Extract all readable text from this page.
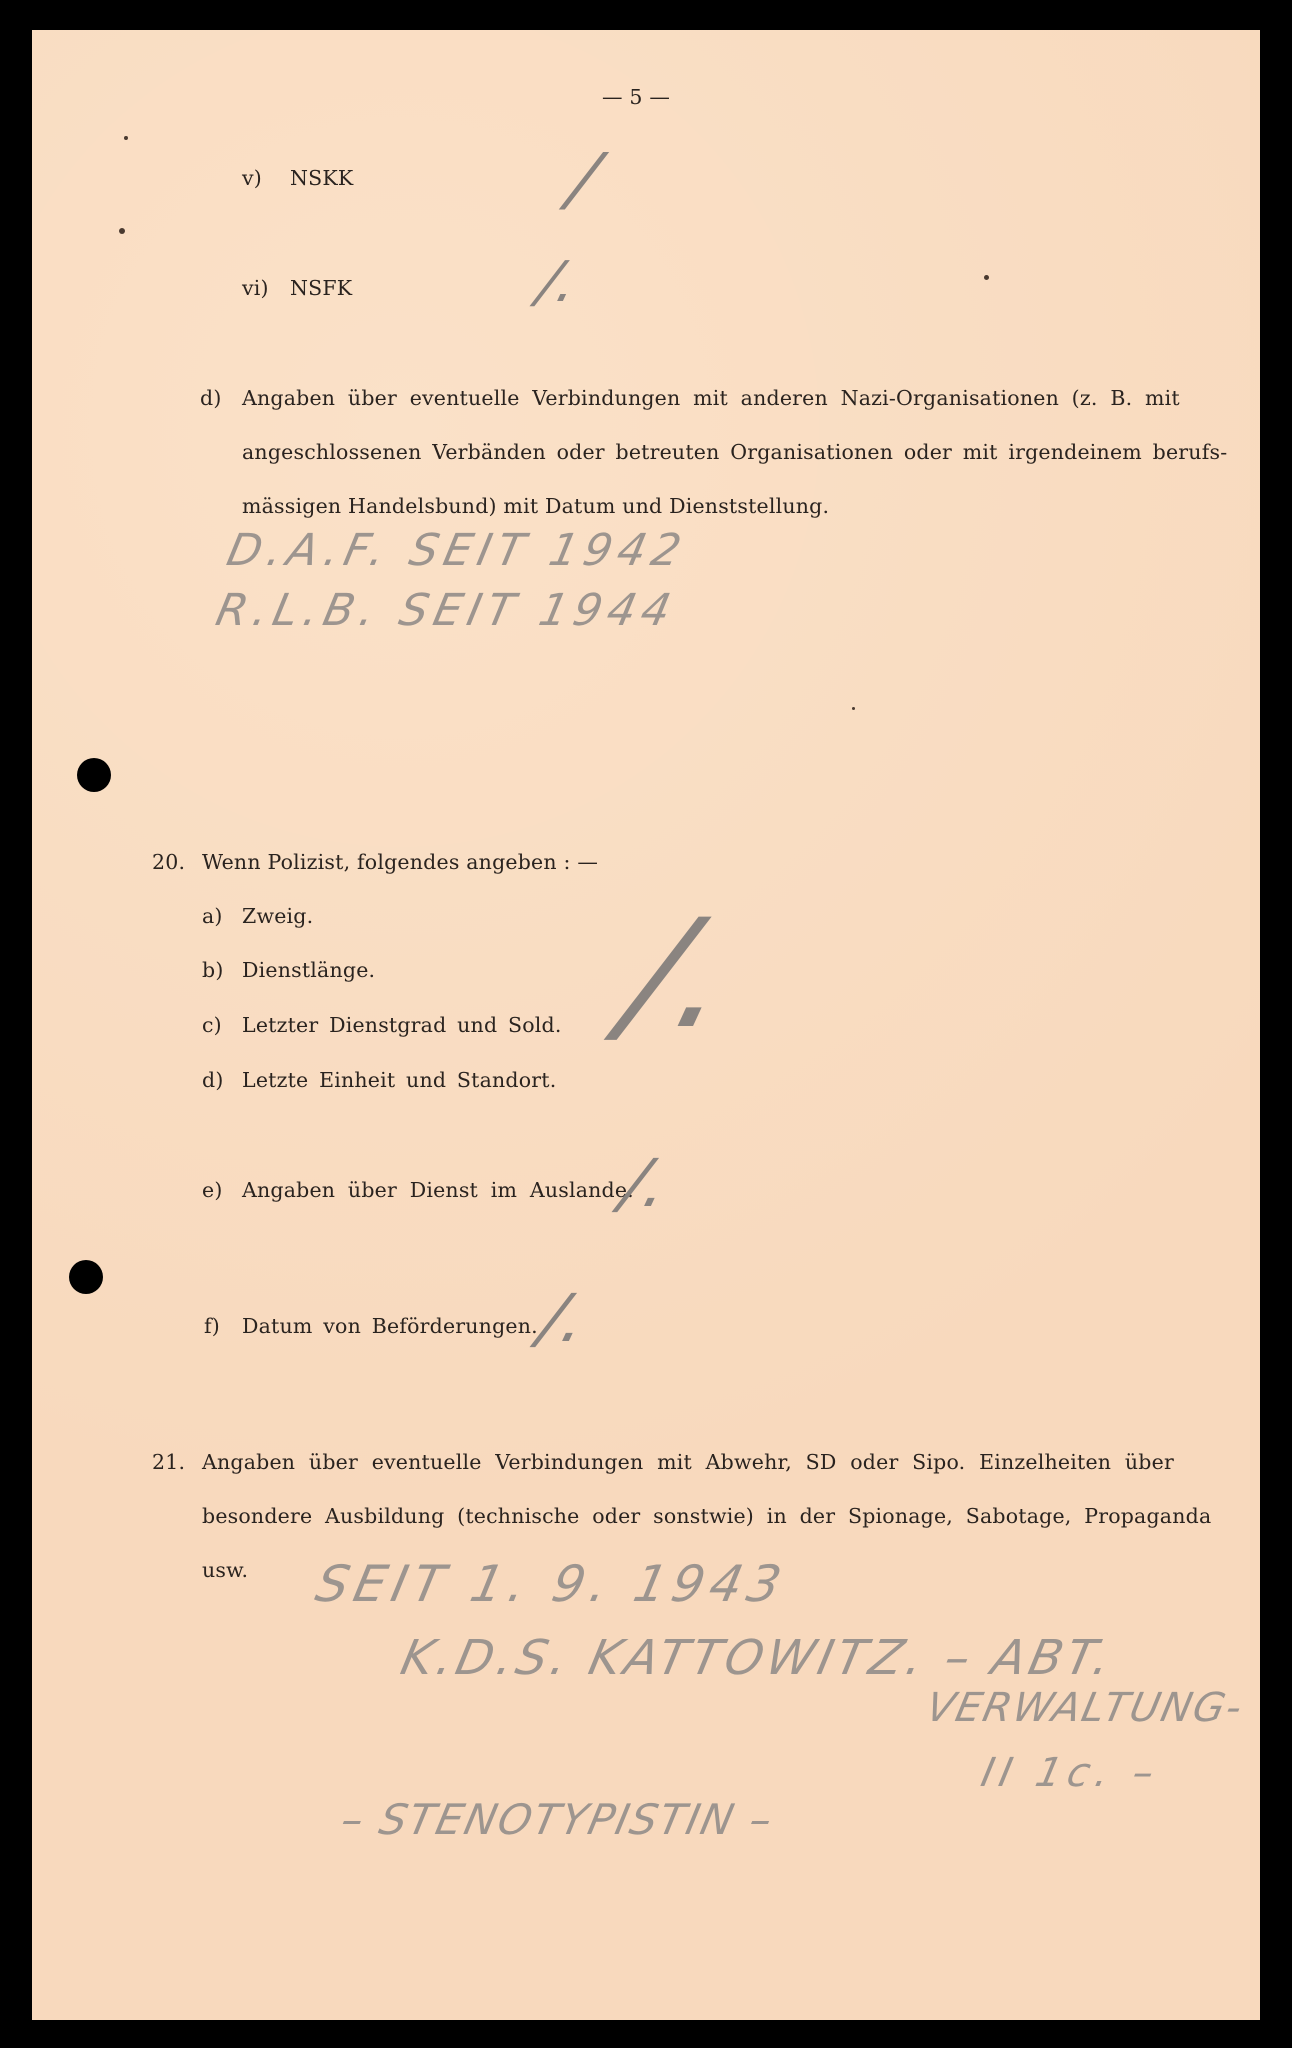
— 5 —
v) NSKK	/
vi) NSFK	/.
d) Angaben über eventuelle Verbindungen mit anderen Nazi-Organisationen (z. B. mit
angeschlossenen Verbänden oder betreuten Organisationen oder mit irgendeinem berufs-
mässigen Handelsbund) mit Datum und Dienststellung.
D.A.F. SEIT 1942
R.L.B. SEIT 1944
20. Wenn Polizist, folgendes angeben : —
a) Zweig.
b) Dienstlänge.
c) Letzter Dienstgrad und Sold.
d) Letzte Einheit und Standort.
/.
e) Angaben über Dienst im Auslande.
/.
f) Datum von Beförderungen.
/.
21. Angaben über eventuelle Verbindungen mit Abwehr, SD oder Sipo. Einzelheiten über
besondere Ausbildung (technische oder sonstwie) in der Spionage, Sabotage, Propaganda
usw. SEIT 1. 9. 1943
K.D.S. KATTOWITZ. – ABT.
VERWALTUNG-
II 1c. –
– STENOTYPISTIN –
